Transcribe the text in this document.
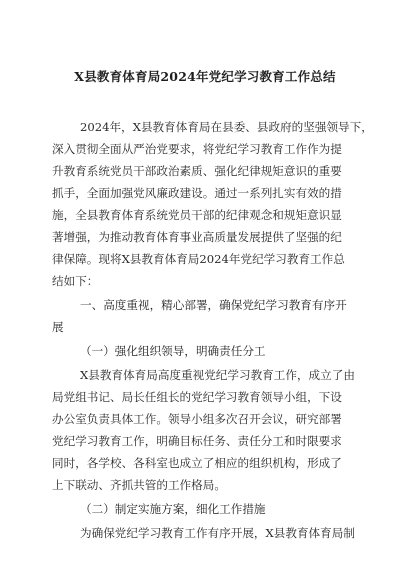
X县教育体育局2024年党纪学习教育工作总结
2024年，X县教育体育局在县委、县政府的坚强领导下，
深入贯彻全面从严治党要求，将党纪学习教育工作作为提
升教育系统党员干部政治素质、强化纪律规矩意识的重要
抓手，全面加强党风廉政建设。通过一系列扎实有效的措
施，全县教育体育系统党员干部的纪律观念和规矩意识显
著增强，为推动教育体育事业高质量发展提供了坚强的纪
律保障。现将X县教育体育局2024年党纪学习教育工作总
结如下：
一、高度重视，精心部署，确保党纪学习教育有序开
展
（一）强化组织领导，明确责任分工
X县教育体育局高度重视党纪学习教育工作，成立了由
局党组书记、局长任组长的党纪学习教育领导小组，下设
办公室负责具体工作。领导小组多次召开会议，研究部署
党纪学习教育工作，明确目标任务、责任分工和时限要求
同时，各学校、各科室也成立了相应的组织机构，形成了
上下联动、齐抓共管的工作格局。
（二）制定实施方案，细化工作措施
为确保党纪学习教育工作有序开展，X县教育体育局制
